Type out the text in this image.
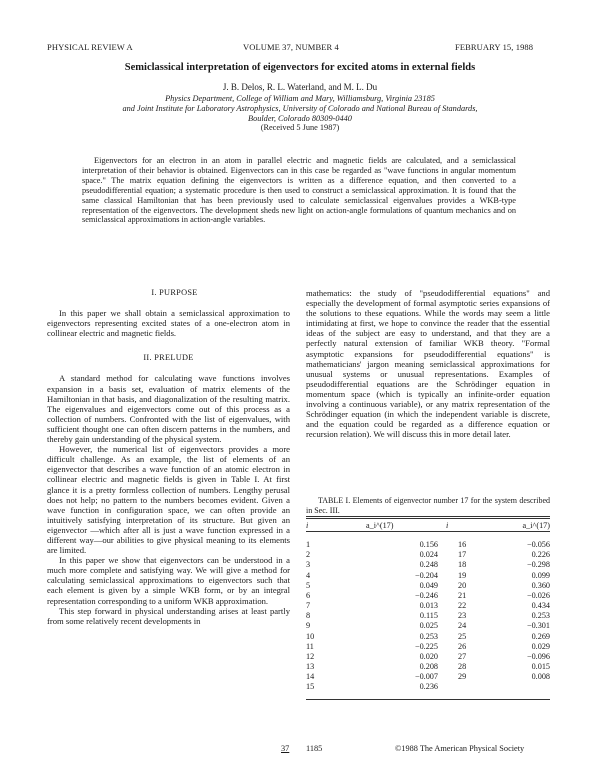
PHYSICAL REVIEW A	VOLUME 37, NUMBER 4	FEBRUARY 15, 1988
Semiclassical interpretation of eigenvectors for excited atoms in external fields
J. B. Delos, R. L. Waterland, and M. L. Du
Physics Department, College of William and Mary, Williamsburg, Virginia 23185
and Joint Institute for Laboratory Astrophysics, University of Colorado and National Bureau of Standards,
Boulder, Colorado 80309-0440
(Received 5 June 1987)
Eigenvectors for an electron in an atom in parallel electric and magnetic fields are calculated, and a semiclassical interpretation of their behavior is obtained. Eigenvectors can in this case be regarded as "wave functions in angular momentum space." The matrix equation defining the eigenvectors is written as a difference equation, and then converted to a pseudodifferential equation; a systematic procedure is then used to construct a semiclassical approximation. It is found that the same classical Hamiltonian that has been previously used to calculate semiclassical eigenvalues provides a WKB-type representation of the eigenvectors. The development sheds new light on action-angle formulations of quantum mechanics and on semiclassical approximations in action-angle variables.

I. PURPOSE

In this paper we shall obtain a semiclassical approximation to eigenvectors representing excited states of a one-electron atom in collinear electric and magnetic fields.

II. PRELUDE

A standard method for calculating wave functions involves expansion in a basis set, evaluation of matrix elements of the Hamiltonian in that basis, and diagonalization of the resulting matrix. The eigenvalues and eigenvectors come out of this process as a collection of numbers. Confronted with the list of eigenvalues, with sufficient thought one can often discern patterns in the numbers, and thereby gain understanding of the physical system.

However, the numerical list of eigenvectors provides a more difficult challenge. As an example, the list of elements of an eigenvector that describes a wave function of an atomic electron in collinear electric and magnetic fields is given in Table I. At first glance it is a pretty formless collection of numbers. Lengthy perusal does not help; no pattern to the numbers becomes evident. Given a wave function in configuration space, we can often provide an intuitively satisfying interpretation of its structure. But given an eigenvector —which after all is just a wave function expressed in a different way—our abilities to give physical meaning to its elements are limited.

In this paper we show that eigenvectors can be understood in a much more complete and satisfying way. We will give a method for calculating semiclassical approximations to eigenvectors such that each element is given by a simple WKB form, or by an integral representation corresponding to a uniform WKB approximation.

This step forward in physical understanding arises at least partly from some relatively recent developments in

mathematics: the study of "pseudodifferential equations" and especially the development of formal asymptotic series expansions of the solutions to these equations. While the words may seem a little intimidating at first, we hope to convince the reader that the essential ideas of the subject are easy to understand, and that they are a perfectly natural extension of familiar WKB theory. "Formal asymptotic expansions for pseudodifferential equations" is mathematicians' jargon meaning semiclassical approximations for unusual systems or unusual representations. Examples of pseudodifferential equations are the Schrödinger equation in momentum space (which is typically an infinite-order equation involving a continuous variable), or any matrix representation of the Schrödinger equation (in which the independent variable is discrete, and the equation could be regarded as a difference equation or recursion relation). We will discuss this in more detail later.

TABLE I. Elements of eigenvector number 17 for the system described in Sec. III.
i	a_i^(17)	i	a_i^(17)

1	0.156	16	−0.056
2	0.024	17	0.226
3	0.248	18	−0.298
4	−0.204	19	0.099
5	0.049	20	0.360
6	−0.246	21	−0.026
7	0.013	22	0.434
8	0.115	23	0.253
9	0.025	24	−0.301
10	0.253	25	0.269
11	−0.225	26	0.029
12	0.020	27	−0.096
13	0.208	28	0.015
14	−0.007	29	0.008
15	0.236		
37 1185	©1988 The American Physical Society
